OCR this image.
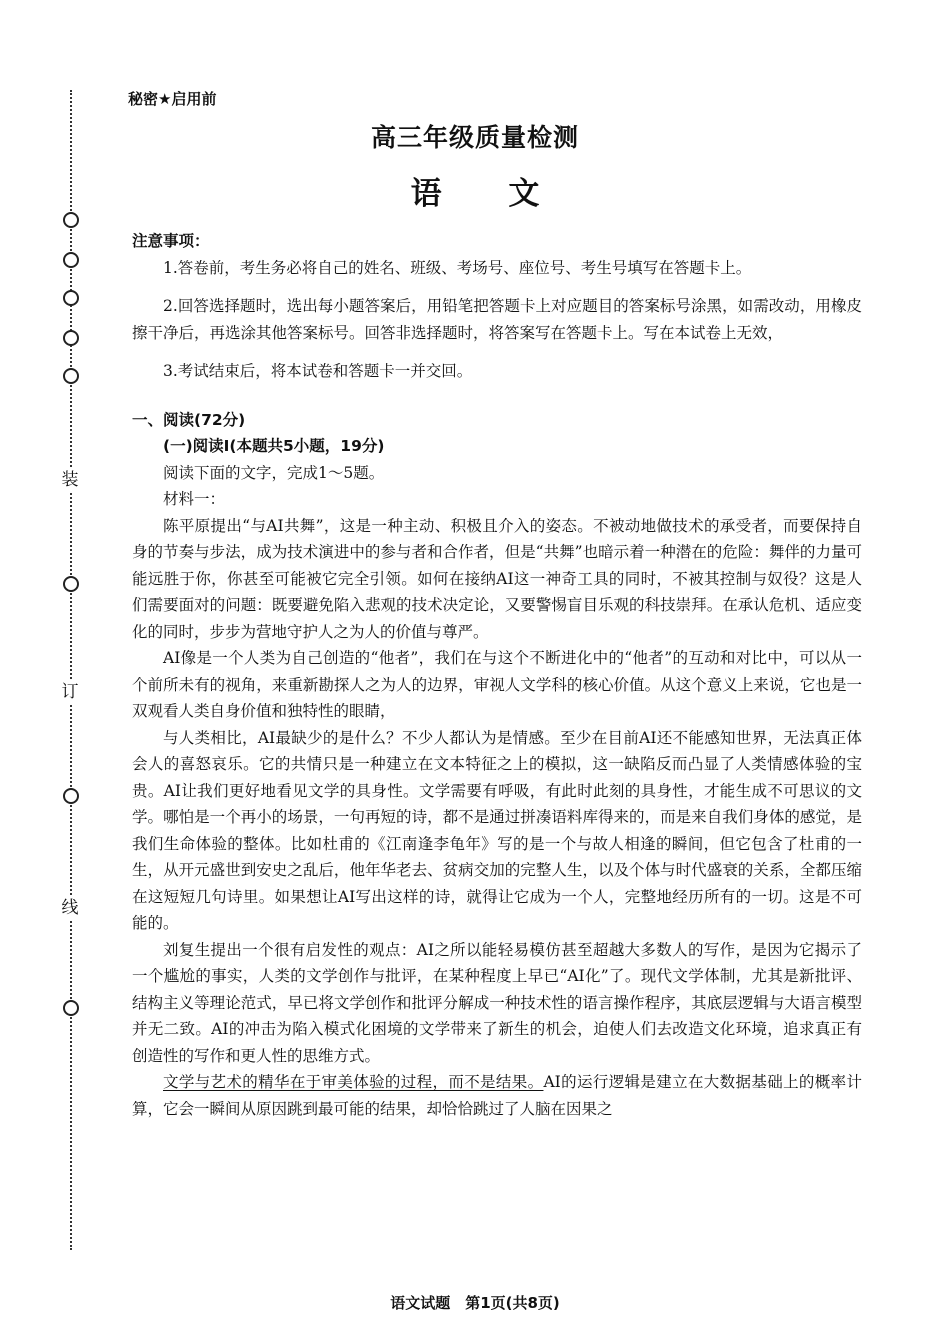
装
订
线
秘密★启用前
高三年级质量检测
语 文

注意事项：

1.答卷前，考生务必将自己的姓名、班级、考场号、座位号、考生号填写在答题卡上。

2.回答选择题时，选出每小题答案后，用铅笔把答题卡上对应题目的答案标号涂黑，如需改动，用橡皮擦干净后，再选涂其他答案标号。回答非选择题时，将答案写在答题卡上。写在本试卷上无效，

3.考试结束后，将本试卷和答题卡一并交回。

一、阅读(72分)

(一)阅读Ⅰ(本题共5小题，19分)

阅读下面的文字，完成1～5题。

材料一：

陈平原提出“与AI共舞”，这是一种主动、积极且介入的姿态。不被动地做技术的承受者，而要保持自身的节奏与步法，成为技术演进中的参与者和合作者，但是“共舞”也暗示着一种潜在的危险：舞伴的力量可能远胜于你，你甚至可能被它完全引领。如何在接纳AI这一神奇工具的同时，不被其控制与奴役？这是人们需要面对的问题：既要避免陷入悲观的技术决定论，又要警惕盲目乐观的科技崇拜。在承认危机、适应变化的同时，步步为营地守护人之为人的价值与尊严。

AI像是一个人类为自己创造的“他者”，我们在与这个不断进化中的“他者”的互动和对比中，可以从一个前所未有的视角，来重新勘探人之为人的边界，审视人文学科的核心价值。从这个意义上来说，它也是一双观看人类自身价值和独特性的眼睛，

与人类相比，AI最缺少的是什么？不少人都认为是情感。至少在目前AI还不能感知世界，无法真正体会人的喜怒哀乐。它的共情只是一种建立在文本特征之上的模拟，这一缺陷反而凸显了人类情感体验的宝贵。AI让我们更好地看见文学的具身性。文学需要有呼吸，有此时此刻的具身性，才能生成不可思议的文学。哪怕是一个再小的场景，一句再短的诗，都不是通过拼凑语料库得来的，而是来自我们身体的感觉，是我们生命体验的整体。比如杜甫的《江南逢李龟年》写的是一个与故人相逢的瞬间，但它包含了杜甫的一生，从开元盛世到安史之乱后，他年华老去、贫病交加的完整人生，以及个体与时代盛衰的关系，全都压缩在这短短几句诗里。如果想让AI写出这样的诗，就得让它成为一个人，完整地经历所有的一切。这是不可能的。

刘复生提出一个很有启发性的观点：AI之所以能轻易模仿甚至超越大多数人的写作，是因为它揭示了一个尴尬的事实，人类的文学创作与批评，在某种程度上早已“AI化”了。现代文学体制，尤其是新批评、结构主义等理论范式，早已将文学创作和批评分解成一种技术性的语言操作程序，其底层逻辑与大语言模型并无二致。AI的冲击为陷入模式化困境的文学带来了新生的机会，迫使人们去改造文化环境，追求真正有创造性的写作和更人性的思维方式。

文学与艺术的精华在于审美体验的过程，而不是结果。AI的运行逻辑是建立在大数据基础上的概率计算，它会一瞬间从原因跳到最可能的结果，却恰恰跳过了人脑在因果之

语文试题　第1页(共8页)
